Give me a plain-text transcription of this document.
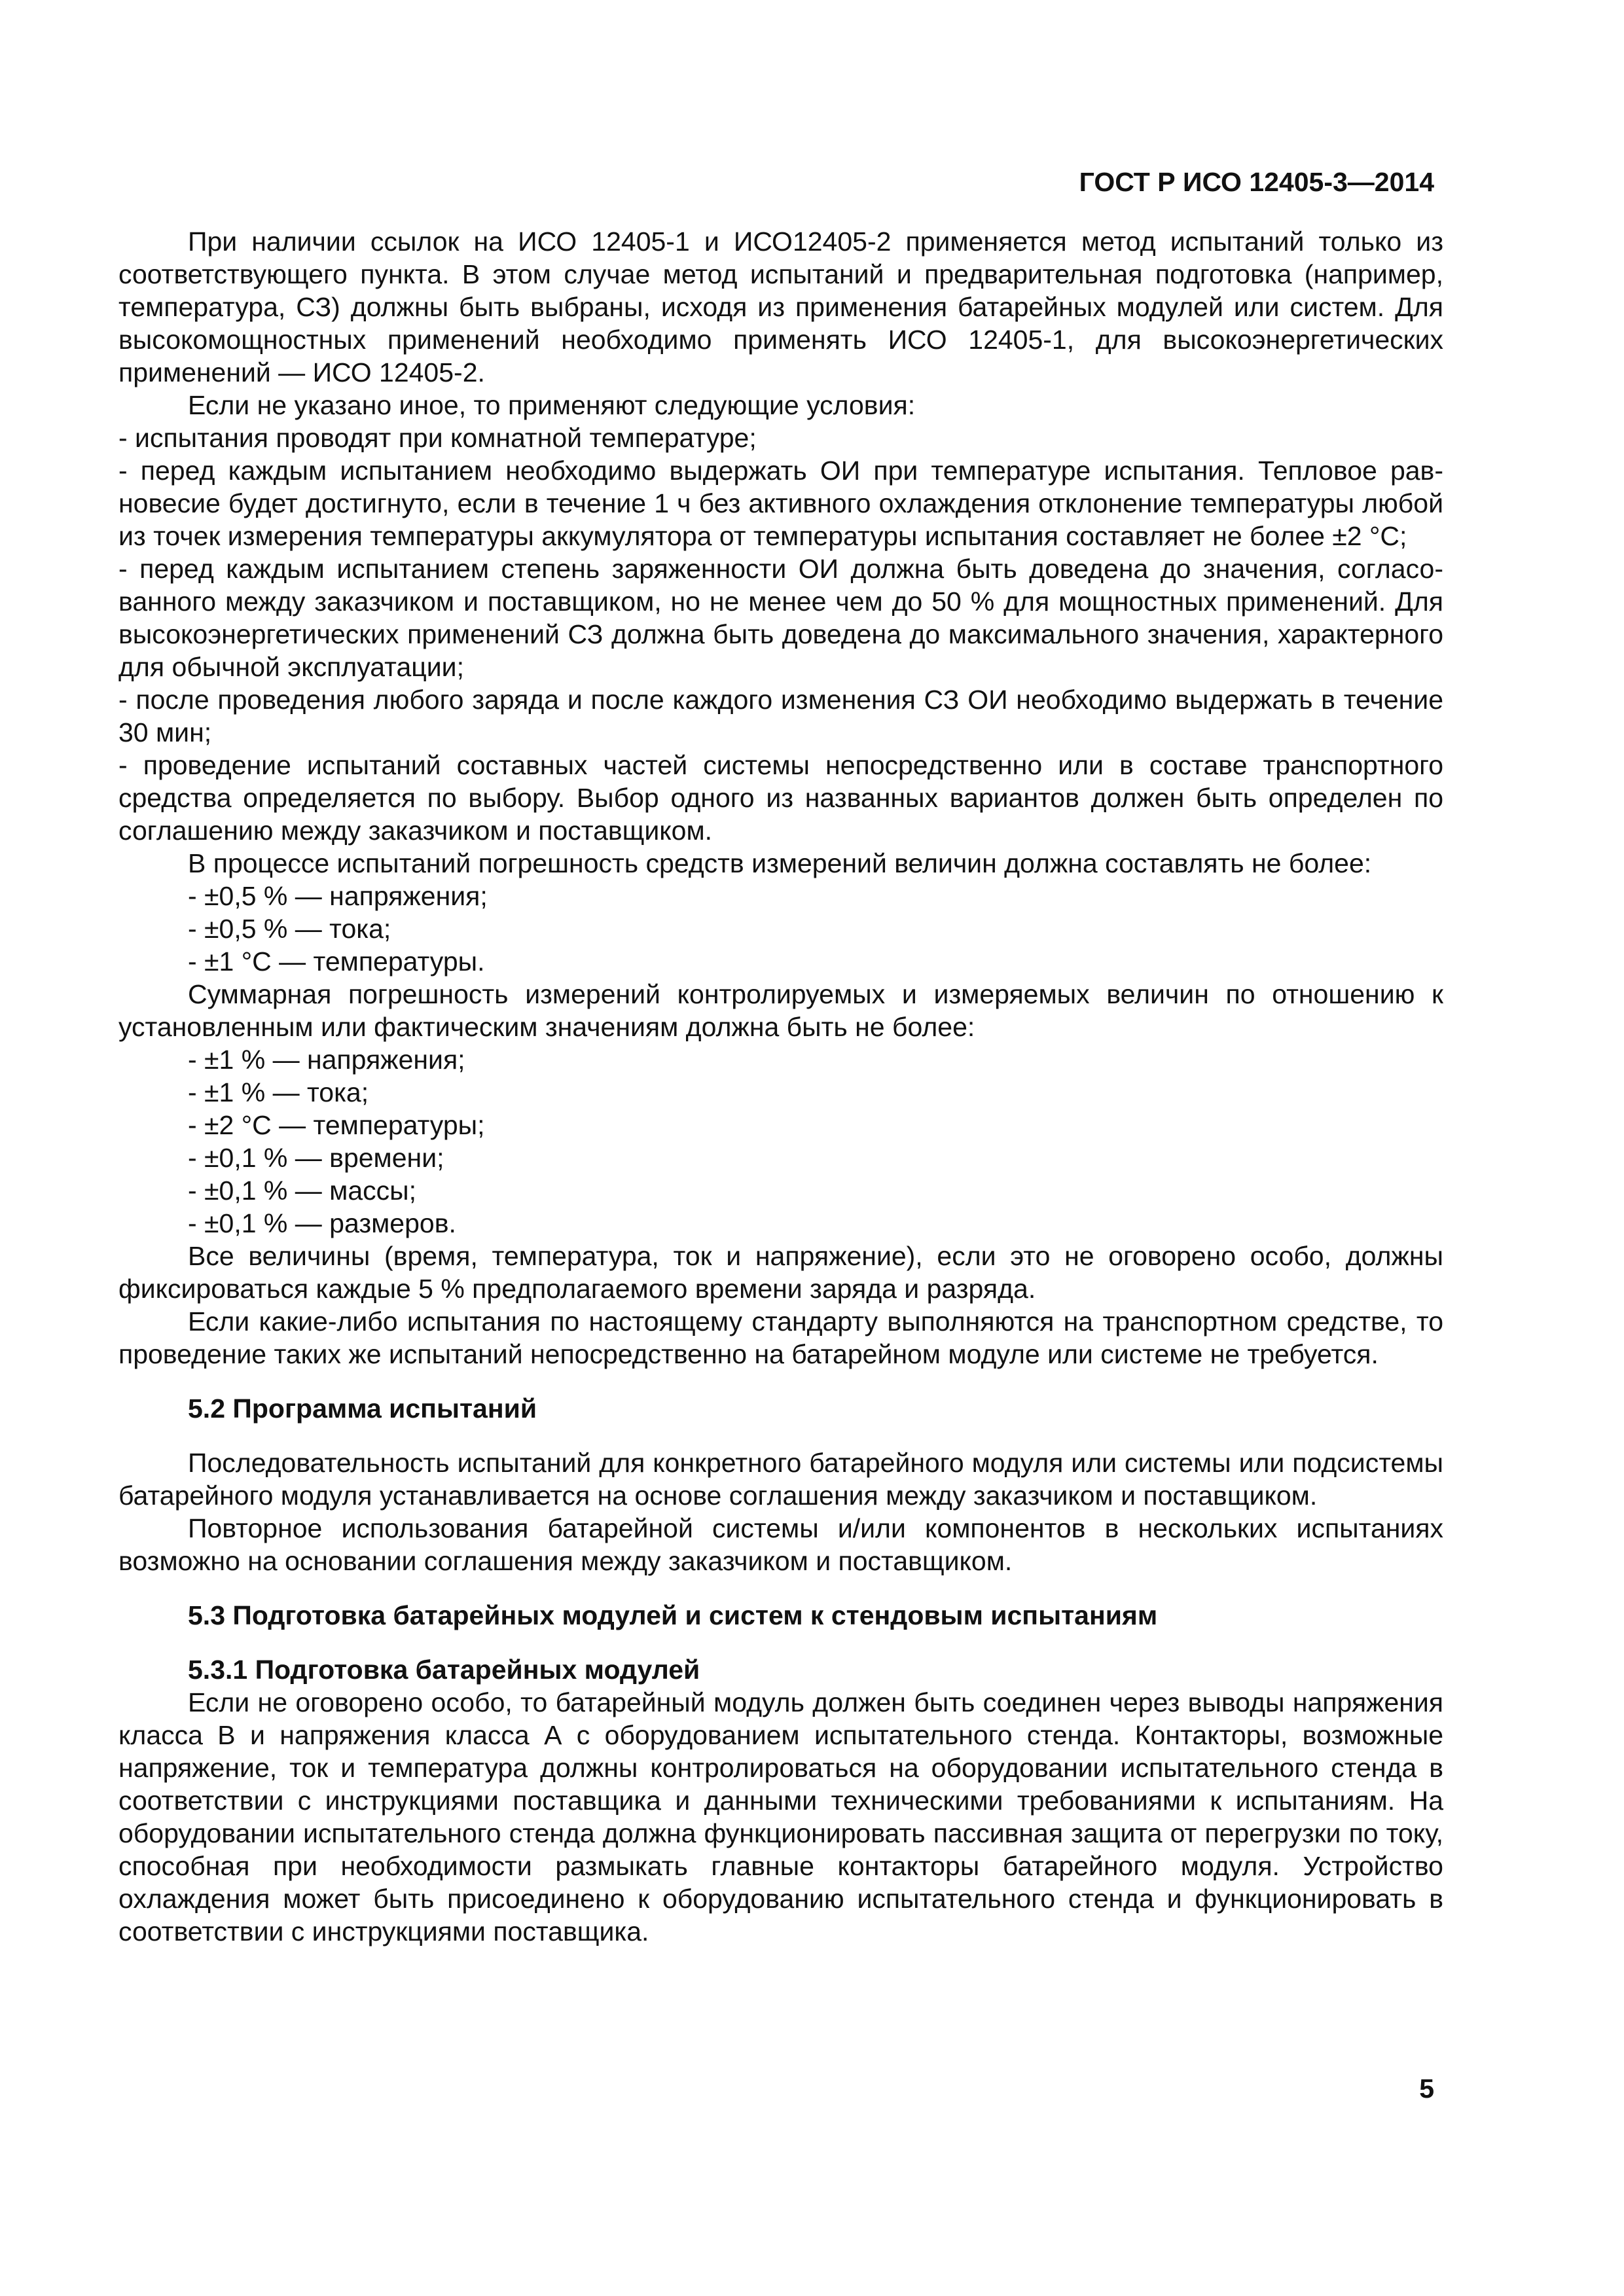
ГОСТ Р ИСО 12405-3—2014

При наличии ссылок на ИСО 12405-1 и ИСО12405-2 применяется метод испытаний только из соответствующего пункта. В этом случае метод испытаний и предварительная подготовка (например, температура, СЗ) должны быть выбраны, исходя из применения батарейных модулей или систем. Для высокомощностных применений необходимо применять ИСО 12405-1, для высокоэнергетических применений — ИСО 12405-2.

Если не указано иное, то применяют следующие условия:

- испытания проводят при комнатной температуре;

- перед каждым испытанием необходимо выдержать ОИ при температуре испытания. Тепловое равновесие будет достигнуто, если в течение 1 ч без активного охлаждения отклонение температуры любой из точек измерения температуры аккумулятора от температуры испытания составляет не более ±2 °С;

- перед каждым испытанием степень заряженности ОИ должна быть доведена до значения, согласованного между заказчиком и поставщиком, но не менее чем до 50 % для мощностных применений. Для высокоэнергетических применений СЗ должна быть доведена до максимального значения, характерного для обычной эксплуатации;

- после проведения любого заряда и после каждого изменения СЗ ОИ необходимо выдержать в течение 30 мин;

- проведение испытаний составных частей системы непосредственно или в составе транспортного средства определяется по выбору. Выбор одного из названных вариантов должен быть определен по соглашению между заказчиком и поставщиком.

В процессе испытаний погрешность средств измерений величин должна составлять не более:

- ±0,5 % — напряжения;

- ±0,5 % — тока;

- ±1 °С — температуры.

Суммарная погрешность измерений контролируемых и измеряемых величин по отношению к установленным или фактическим значениям должна быть не более:

- ±1 % — напряжения;

- ±1 % — тока;

- ±2 °С — температуры;

- ±0,1 % — времени;

- ±0,1 % — массы;

- ±0,1 % — размеров.

Все величины (время, температура, ток и напряжение), если это не оговорено особо, должны фиксироваться каждые 5 % предполагаемого времени заряда и разряда.

Если какие-либо испытания по настоящему стандарту выполняются на транспортном средстве, то проведение таких же испытаний непосредственно на батарейном модуле или системе не требуется.

5.2 Программа испытаний

Последовательность испытаний для конкретного батарейного модуля или системы или подсистемы батарейного модуля устанавливается на основе соглашения между заказчиком и поставщиком.

Повторное использования батарейной системы и/или компонентов в нескольких испытаниях возможно на основании соглашения между заказчиком и поставщиком.

5.3 Подготовка батарейных модулей и систем к стендовым испытаниям

5.3.1 Подготовка батарейных модулей

Если не оговорено особо, то батарейный модуль должен быть соединен через выводы напряжения класса В и напряжения класса А с оборудованием испытательного стенда. Контакторы, возможные напряжение, ток и температура должны контролироваться на оборудовании испытательного стенда в соответствии с инструкциями поставщика и данными техническими требованиями к испытаниям. На оборудовании испытательного стенда должна функционировать пассивная защита от перегрузки по току, способная при необходимости размыкать главные контакторы батарейного модуля. Устройство охлаждения может быть присоединено к оборудованию испытательного стенда и функционировать в соответствии с инструкциями поставщика.

5
